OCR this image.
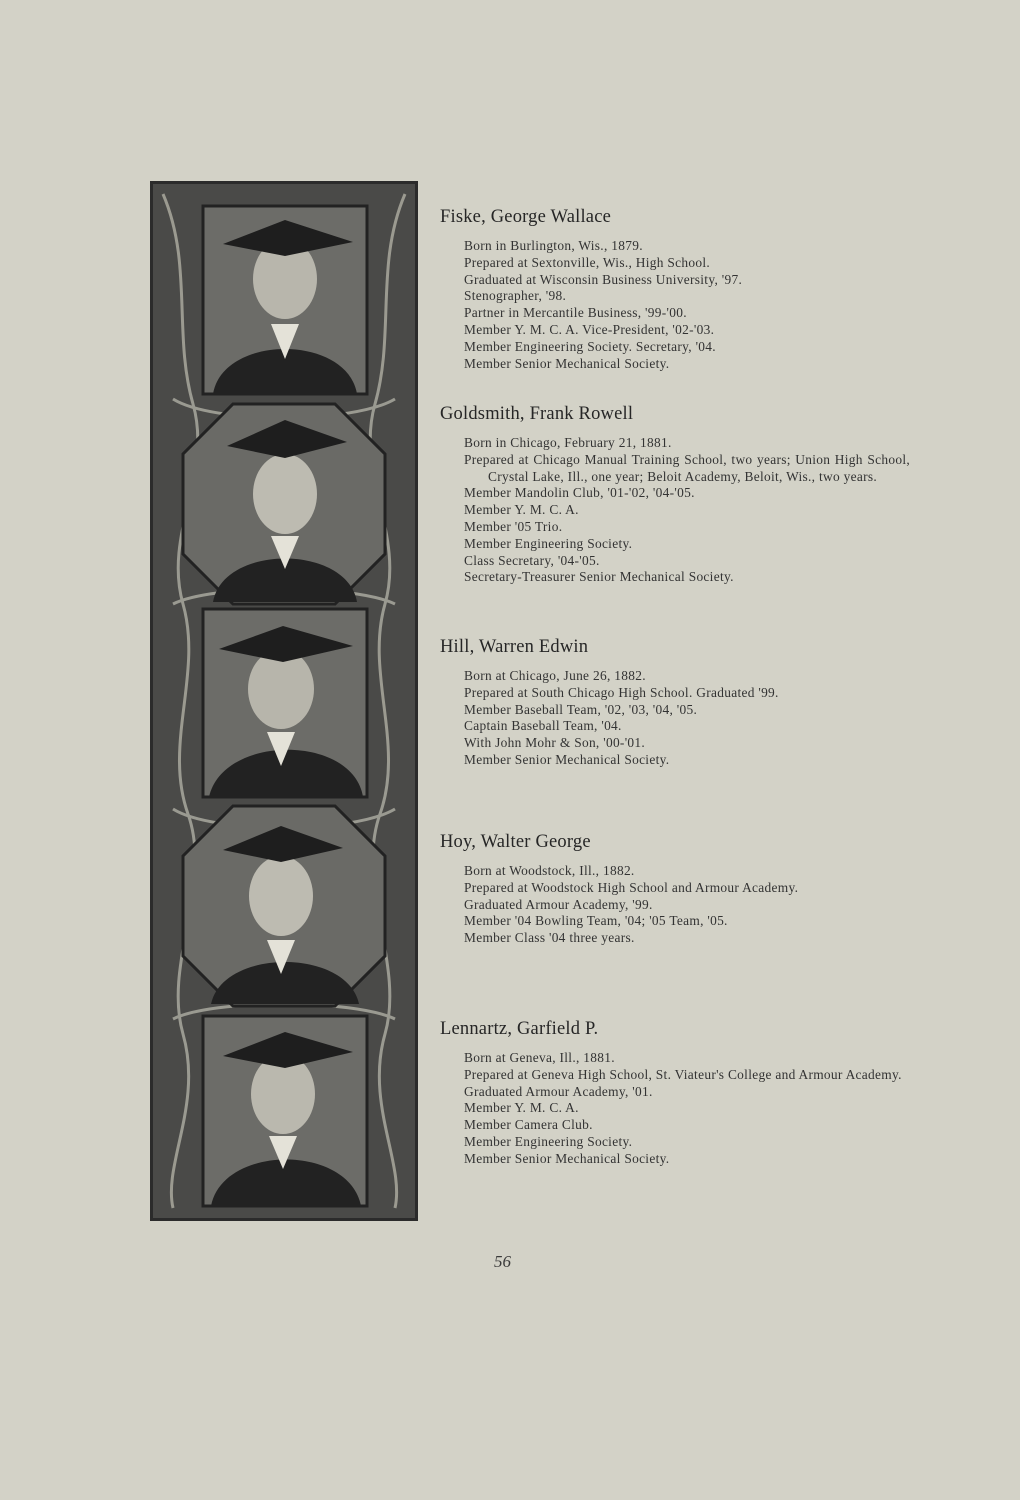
Fiske, George Wallace
Born in Burlington, Wis., 1879.
Prepared at Sextonville, Wis., High School.
Graduated at Wisconsin Business University, '97.
Stenographer, '98.
Partner in Mercantile Business, '99-'00.
Member Y. M. C. A. Vice-President, '02-'03.
Member Engineering Society. Secretary, '04.
Member Senior Mechanical Society.
Goldsmith, Frank Rowell
Born in Chicago, February 21, 1881.
Prepared at Chicago Manual Training School, two years; Union High School, Crystal Lake, Ill., one year; Beloit Academy, Beloit, Wis., two years.
Member Mandolin Club, '01-'02, '04-'05.
Member Y. M. C. A.
Member '05 Trio.
Member Engineering Society.
Class Secretary, '04-'05.
Secretary-Treasurer Senior Mechanical Society.
Hill, Warren Edwin
Born at Chicago, June 26, 1882.
Prepared at South Chicago High School. Graduated '99.
Member Baseball Team, '02, '03, '04, '05.
Captain Baseball Team, '04.
With John Mohr & Son, '00-'01.
Member Senior Mechanical Society.
Hoy, Walter George
Born at Woodstock, Ill., 1882.
Prepared at Woodstock High School and Armour Academy.
Graduated Armour Academy, '99.
Member '04 Bowling Team, '04; '05 Team, '05.
Member Class '04 three years.
Lennartz, Garfield P.
Born at Geneva, Ill., 1881.
Prepared at Geneva High School, St. Viateur's College and Armour Academy.
Graduated Armour Academy, '01.
Member Y. M. C. A.
Member Camera Club.
Member Engineering Society.
Member Senior Mechanical Society.
56
